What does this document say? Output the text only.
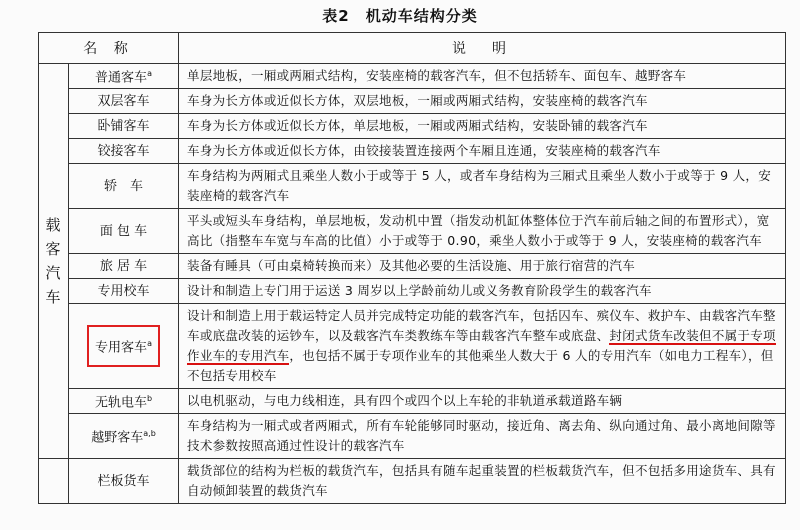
表2　机动车结构分类
名 称		说　明

载客汽车	普通客车$^a$	单层地板，一厢或两厢式结构，安装座椅的载客汽车，但不包括轿车、面包车、越野客车
	双层客车	车身为长方体或近似长方体，双层地板，一厢或两厢式结构，安装座椅的载客汽车
	卧铺客车	车身为长方体或近似长方体，单层地板，一厢或两厢式结构，安装卧铺的载客汽车
	铰接客车	车身为长方体或近似长方体，由铰接装置连接两个车厢且连通，安装座椅的载客汽车
	轿　车	车身结构为两厢式且乘坐人数小于或等于 5 人，或者车身结构为三厢式且乘坐人数小于或等于 9 人，安装座椅的载客汽车
	面 包 车	平头或短头车身结构，单层地板，发动机中置（指发动机缸体整体位于汽车前后轴之间的布置形式），宽高比（指整车车宽与车高的比值）小于或等于 0.90，乘坐人数小于或等于 9 人，安装座椅的载客汽车
	旅 居 车	装备有睡具（可由桌椅转换而来）及其他必要的生活设施、用于旅行宿营的汽车
	专用校车	设计和制造上专门用于运送 3 周岁以上学龄前幼儿或义务教育阶段学生的载客汽车
	专用客车$^a$	设计和制造上用于载运特定人员并完成特定功能的载客汽车，包括囚车、殡仪车、救护车、由载客汽车整车或底盘改装的运钞车，以及载客汽车类教练车等由载客汽车整车或底盘、封闭式货车改装但不属于专项作业车的专用汽车，也包括不属于专项作业车的其他乘坐人数大于 6 人的专用汽车（如电力工程车），但不包括专用校车
	无轨电车$^b$	以电机驱动，与电力线相连，具有四个或四个以上车轮的非轨道承载道路车辆
	越野客车$^{a,b}$	车身结构为一厢式或者两厢式，所有车轮能够同时驱动，接近角、离去角、纵向通过角、最小离地间隙等技术参数按照高通过性设计的载客汽车
	栏板货车	载货部位的结构为栏板的载货汽车，包括具有随车起重装置的栏板载货汽车，但不包括多用途货车、具有自动倾卸装置的载货汽车
